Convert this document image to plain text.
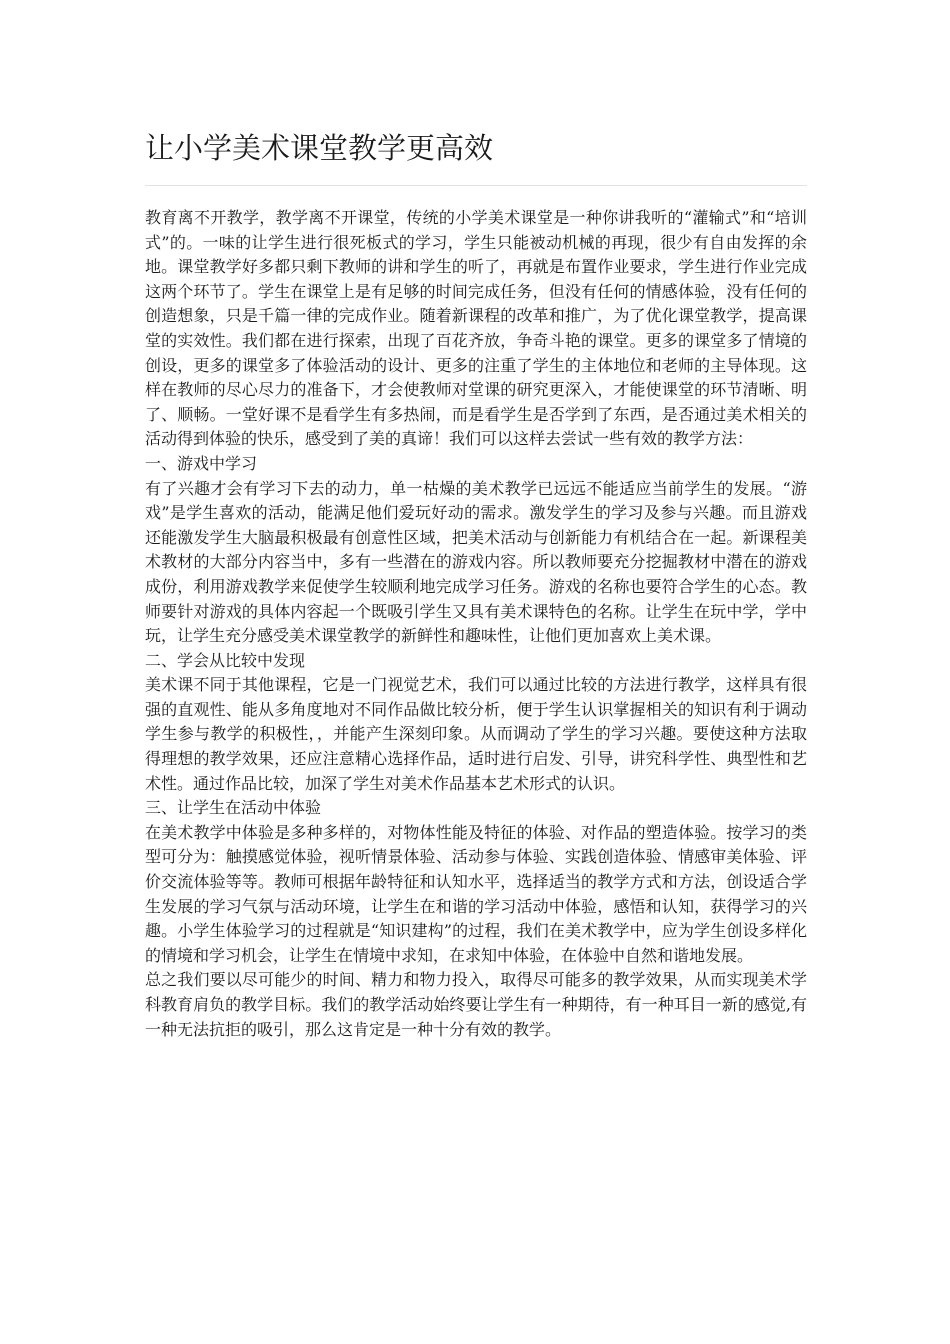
让小学美术课堂教学更高效

教育离不开教学，教学离不开课堂，传统的小学美术课堂是一种你讲我听的“灌输式”和“培训式”的。一味的让学生进行很死板式的学习，学生只能被动机械的再现，很少有自由发挥的余地。课堂教学好多都只剩下教师的讲和学生的听了，再就是布置作业要求，学生进行作业完成这两个环节了。学生在课堂上是有足够的时间完成任务，但没有任何的情感体验，没有任何的创造想象，只是千篇一律的完成作业。随着新课程的改革和推广，为了优化课堂教学，提高课堂的实效性。我们都在进行探索，出现了百花齐放，争奇斗艳的课堂。更多的课堂多了情境的创设，更多的课堂多了体验活动的设计、更多的注重了学生的主体地位和老师的主导体现。这样在教师的尽心尽力的准备下，才会使教师对堂课的研究更深入，才能使课堂的环节清晰、明了、顺畅。一堂好课不是看学生有多热闹，而是看学生是否学到了东西，是否通过美术相关的活动得到体验的快乐，感受到了美的真谛！我们可以这样去尝试一些有效的教学方法：

一、游戏中学习

有了兴趣才会有学习下去的动力，单一枯燥的美术教学已远远不能适应当前学生的发展。“游戏”是学生喜欢的活动，能满足他们爱玩好动的需求。激发学生的学习及参与兴趣。而且游戏还能激发学生大脑最积极最有创意性区域，把美术活动与创新能力有机结合在一起。新课程美术教材的大部分内容当中，多有一些潜在的游戏内容。所以教师要充分挖掘教材中潜在的游戏成份，利用游戏教学来促使学生较顺利地完成学习任务。游戏的名称也要符合学生的心态。教师要针对游戏的具体内容起一个既吸引学生又具有美术课特色的名称。让学生在玩中学，学中玩，让学生充分感受美术课堂教学的新鲜性和趣味性，让他们更加喜欢上美术课。

二、学会从比较中发现

美术课不同于其他课程，它是一门视觉艺术，我们可以通过比较的方法进行教学，这样具有很强的直观性、能从多角度地对不同作品做比较分析，便于学生认识掌握相关的知识有利于调动学生参与教学的积极性，，并能产生深刻印象。从而调动了学生的学习兴趣。要使这种方法取得理想的教学效果，还应注意精心选择作品，适时进行启发、引导，讲究科学性、典型性和艺术性。通过作品比较，加深了学生对美术作品基本艺术形式的认识。

三、让学生在活动中体验

在美术教学中体验是多种多样的，对物体性能及特征的体验、对作品的塑造体验。按学习的类型可分为：触摸感觉体验，视听情景体验、活动参与体验、实践创造体验、情感审美体验、评价交流体验等等。教师可根据年龄特征和认知水平，选择适当的教学方式和方法，创设适合学生发展的学习气氛与活动环境，让学生在和谐的学习活动中体验，感悟和认知，获得学习的兴趣。小学生体验学习的过程就是“知识建构”的过程，我们在美术教学中，应为学生创设多样化的情境和学习机会，让学生在情境中求知，在求知中体验，在体验中自然和谐地发展。

总之我们要以尽可能少的时间、精力和物力投入，取得尽可能多的教学效果，从而实现美术学科教育肩负的教学目标。我们的教学活动始终要让学生有一种期待，有一种耳目一新的感觉,有一种无法抗拒的吸引，那么这肯定是一种十分有效的教学。
